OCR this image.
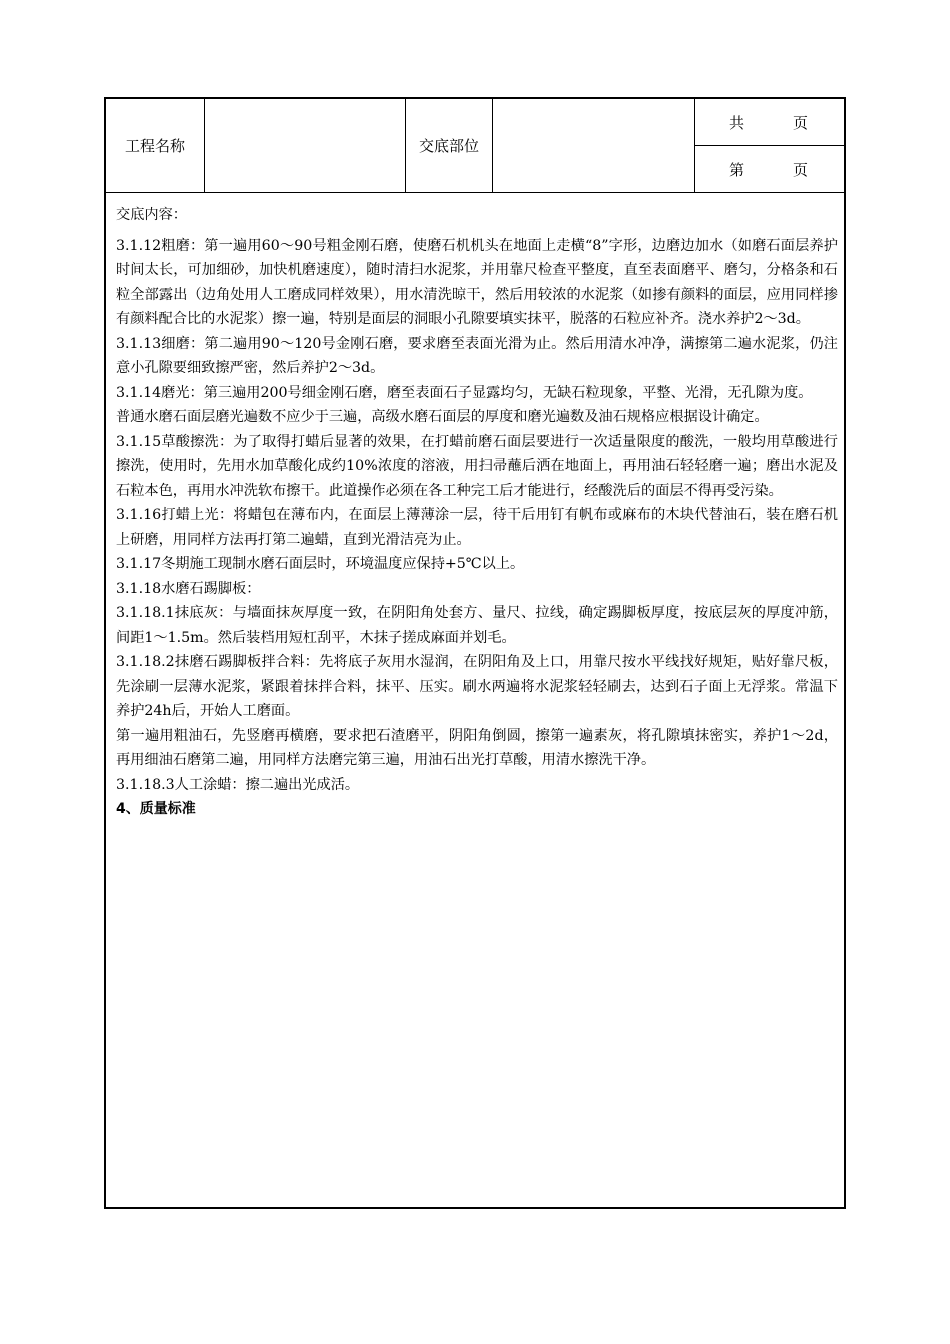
工程名称	交底部位
共	页
第	页

交底内容：

3.1.12粗磨：第一遍用60～90号粗金刚石磨，使磨石机机头在地面上走横“8”字形，边磨边加水（如磨石面层养护时间太长，可加细砂，加快机磨速度），随时清扫水泥浆，并用靠尺检查平整度，直至表面磨平、磨匀，分格条和石粒全部露出（边角处用人工磨成同样效果），用水清洗晾干，然后用较浓的水泥浆（如掺有颜料的面层，应用同样掺有颜料配合比的水泥浆）擦一遍，特别是面层的洞眼小孔隙要填实抹平，脱落的石粒应补齐。浇水养护2～3d。

3.1.13细磨：第二遍用90～120号金刚石磨，要求磨至表面光滑为止。然后用清水冲净，满擦第二遍水泥浆，仍注意小孔隙要细致擦严密，然后养护2～3d。

3.1.14磨光：第三遍用200号细金刚石磨，磨至表面石子显露均匀，无缺石粒现象，平整、光滑，无孔隙为度。

普通水磨石面层磨光遍数不应少于三遍，高级水磨石面层的厚度和磨光遍数及油石规格应根据设计确定。

3.1.15草酸擦洗：为了取得打蜡后显著的效果，在打蜡前磨石面层要进行一次适量限度的酸洗，一般均用草酸进行擦洗，使用时，先用水加草酸化成约10%浓度的溶液，用扫帚蘸后洒在地面上，再用油石轻轻磨一遍；磨出水泥及石粒本色，再用水冲洗软布擦干。此道操作必须在各工种完工后才能进行，经酸洗后的面层不得再受污染。

3.1.16打蜡上光：将蜡包在薄布内，在面层上薄薄涂一层，待干后用钉有帆布或麻布的木块代替油石，装在磨石机上研磨，用同样方法再打第二遍蜡，直到光滑洁亮为止。

3.1.17冬期施工现制水磨石面层时，环境温度应保持+5℃以上。

3.1.18水磨石踢脚板：

3.1.18.1抹底灰：与墙面抹灰厚度一致，在阴阳角处套方、量尺、拉线，确定踢脚板厚度，按底层灰的厚度冲筋，间距1～1.5m。然后装档用短杠刮平，木抹子搓成麻面并划毛。

3.1.18.2抹磨石踢脚板拌合料：先将底子灰用水湿润，在阴阳角及上口，用靠尺按水平线找好规矩，贴好靠尺板，先涂刷一层薄水泥浆，紧跟着抹拌合料，抹平、压实。刷水两遍将水泥浆轻轻刷去，达到石子面上无浮浆。常温下养护24h后，开始人工磨面。

第一遍用粗油石，先竖磨再横磨，要求把石渣磨平，阴阳角倒圆，擦第一遍素灰，将孔隙填抹密实，养护1～2d，再用细油石磨第二遍，用同样方法磨完第三遍，用油石出光打草酸，用清水擦洗干净。

3.1.18.3人工涂蜡：擦二遍出光成活。

4、质量标准
